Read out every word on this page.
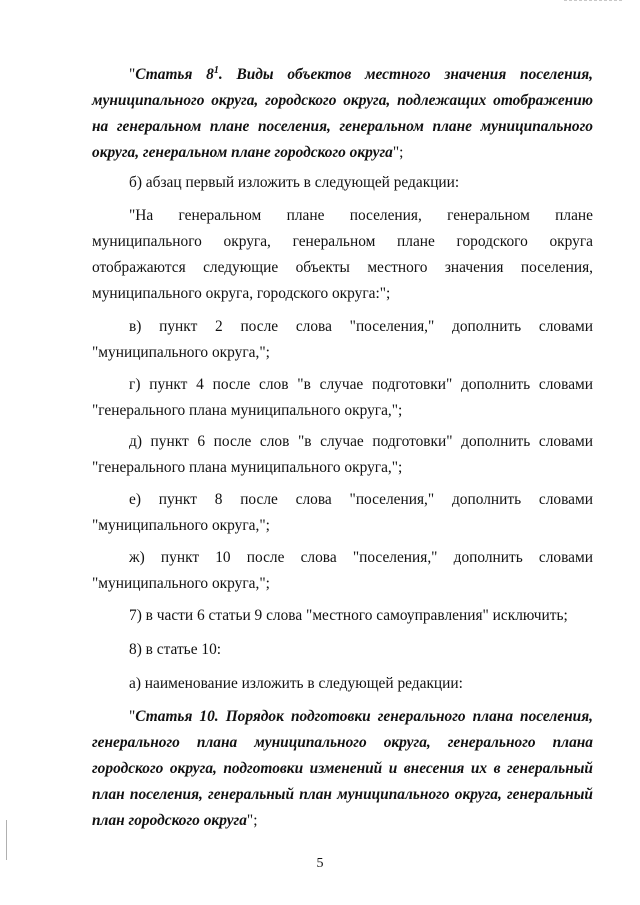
"Статья $8^1$. Виды объектов местного значения поселения, муниципального округа, городского округа, подлежащих отображению на генеральном плане поселения, генеральном плане муниципального округа, генеральном плане городского округа";

б) абзац первый изложить в следующей редакции:

"На генеральном плане поселения, генеральном плане муниципального округа, генеральном плане городского округа отображаются следующие объекты местного значения поселения, муниципального округа, городского округа:";

в) пункт 2 после слова "поселения," дополнить словами "муниципального округа,";

г) пункт 4 после слов "в случае подготовки" дополнить словами "генерального плана муниципального округа,";

д) пункт 6 после слов "в случае подготовки" дополнить словами "генерального плана муниципального округа,";

е) пункт 8 после слова "поселения," дополнить словами "муниципального округа,";

ж) пункт 10 после слова "поселения," дополнить словами "муниципального округа,";

7) в части 6 статьи 9 слова "местного самоуправления" исключить;

8) в статье 10:

а) наименование изложить в следующей редакции:

"Статья 10. Порядок подготовки генерального плана поселения, генерального плана муниципального округа, генерального плана городского округа, подготовки изменений и внесения их в генеральный план поселения, генеральный план муниципального округа, генеральный план городского округа";

5
